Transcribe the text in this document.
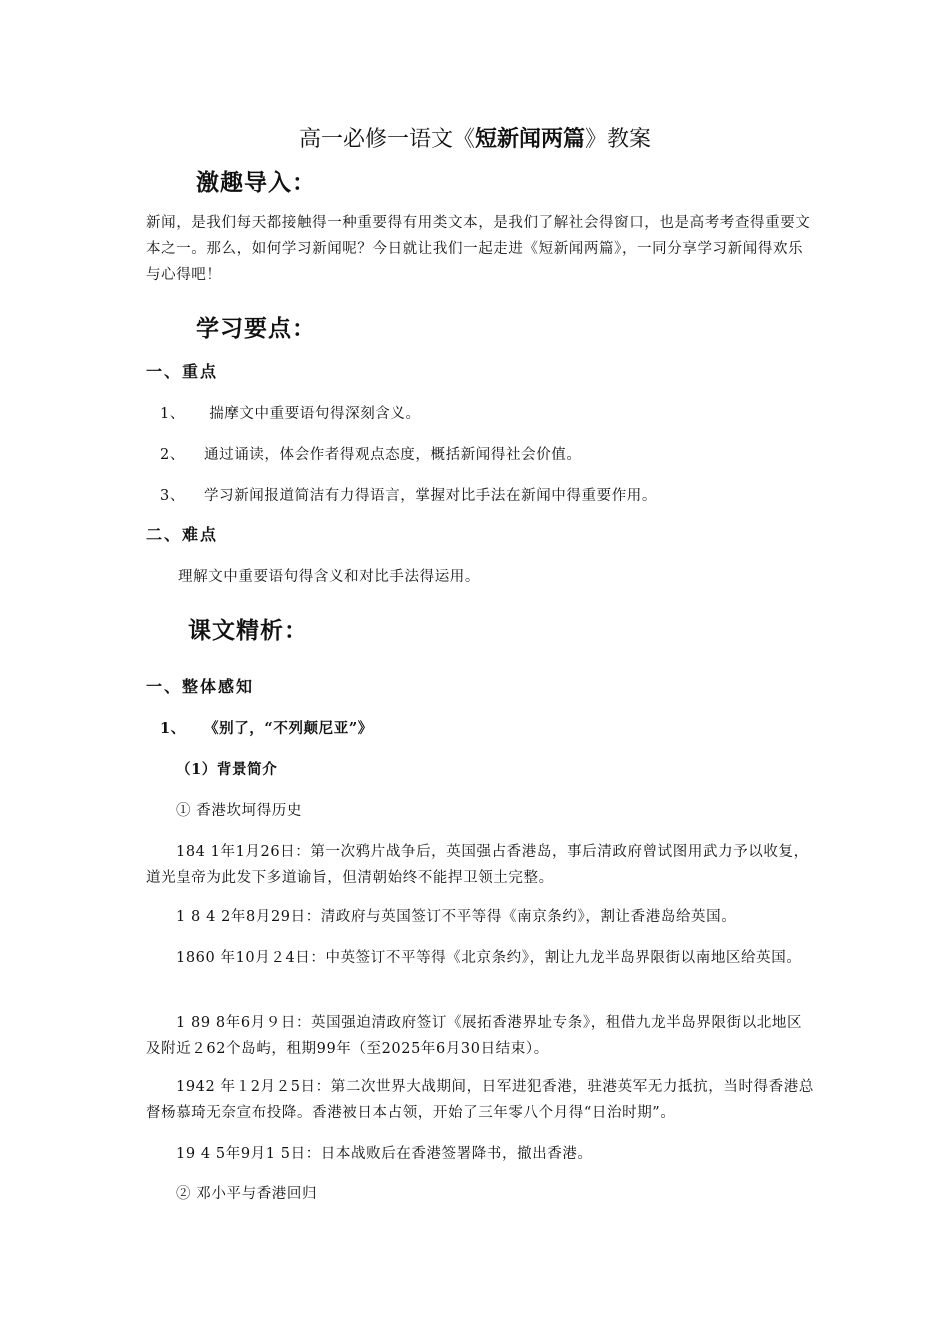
高一必修一语文《短新闻两篇》教案
激趣导入：
新闻，是我们每天都接触得一种重要得有用类文本，是我们了解社会得窗口，也是高考考查得重要文本之一。那么，如何学习新闻呢？今日就让我们一起走进《短新闻两篇》，一同分享学习新闻得欢乐与心得吧！
学习要点：
一、重点
1、 揣摩文中重要语句得深刻含义。
2、 通过诵读，体会作者得观点态度，概括新闻得社会价值。
3、 学习新闻报道简洁有力得语言，掌握对比手法在新闻中得重要作用。
二、难点
理解文中重要语句得含义和对比手法得运用。
课文精析：
一、整体感知
1、 《别了，“不列颠尼亚”》
（1）背景简介
① 香港坎坷得历史
184 1年1月26日：第一次鸦片战争后，英国强占香港岛，事后清政府曾试图用武力予以收复，道光皇帝为此发下多道谕旨，但清朝始终不能捍卫领土完整。
1 8 4 2年8月29日：清政府与英国签订不平等得《南京条约》，割让香港岛给英国。
1860 年10月２4日：中英签订不平等得《北京条约》，割让九龙半岛界限街以南地区给英国。
1 89 8年6月９日：英国强迫清政府签订《展拓香港界址专条》，租借九龙半岛界限街以北地区及附近２62个岛屿，租期99年（至2025年6月30日结束）。
1942 年１2月２5日：第二次世界大战期间，日军进犯香港，驻港英军无力抵抗，当时得香港总督杨慕琦无奈宣布投降。香港被日本占领，开始了三年零八个月得“日治时期”。
19 4 5年9月1 5日：日本战败后在香港签署降书，撤出香港。
② 邓小平与香港回归
